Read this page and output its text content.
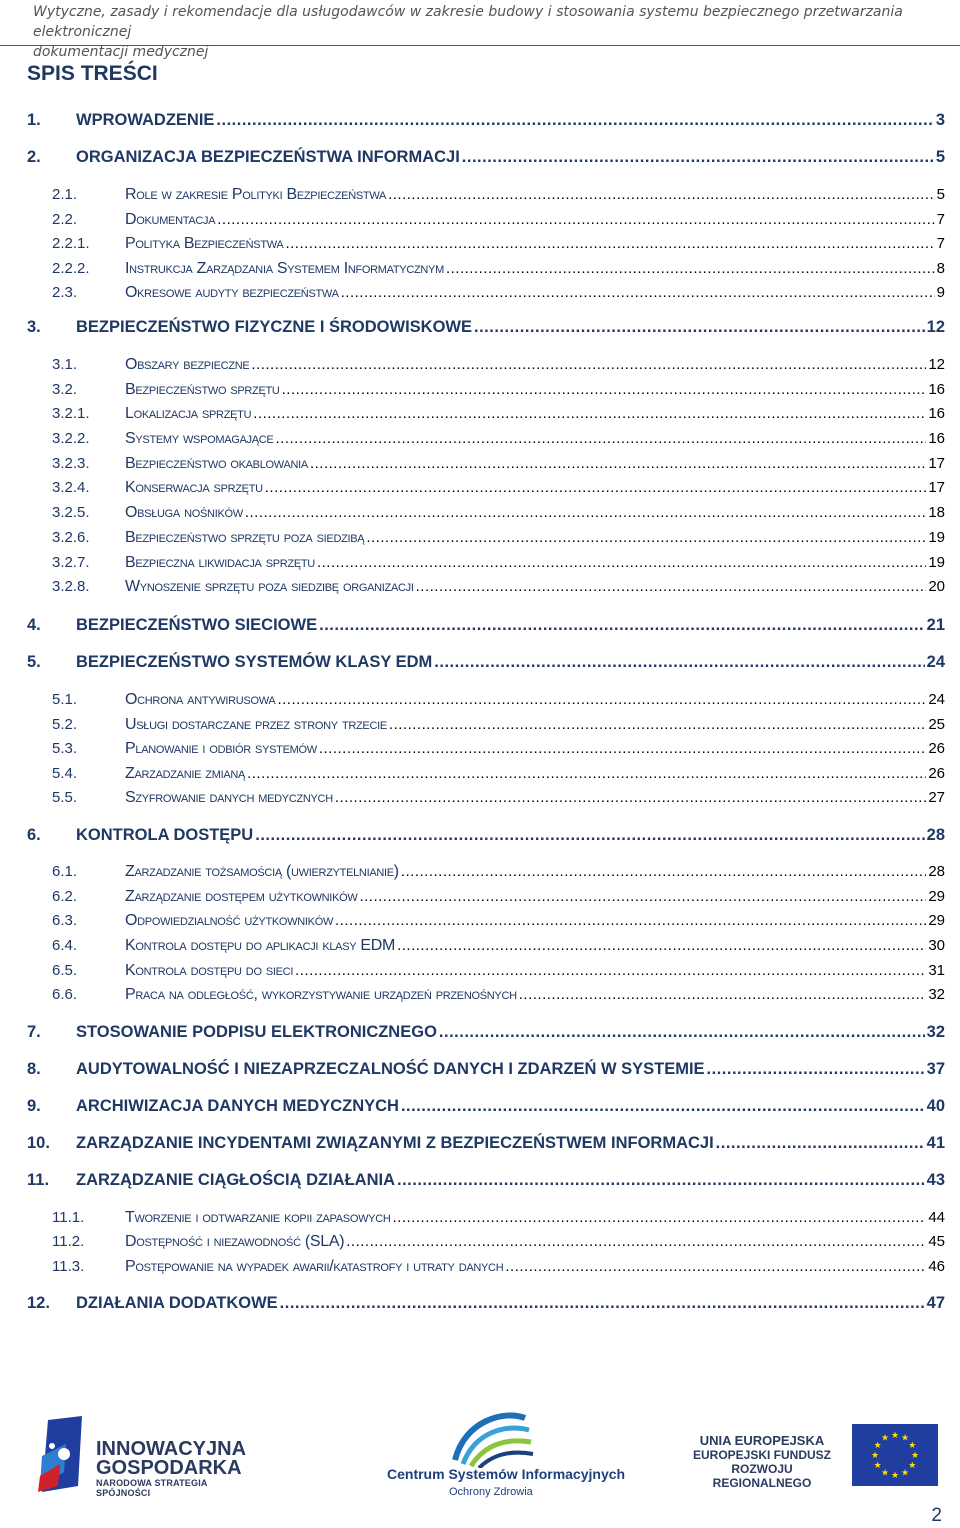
Wytyczne, zasady i rekomendacje dla usługodawców w zakresie budowy i stosowania systemu bezpiecznego przetwarzania elektronicznej
dokumentacji medycznej
SPIS TREŚCI
1.	WPROWADZENIE .....	3
2.	ORGANIZACJA BEZPIECZEŃSTWA INFORMACJI .....	5
2.1.	Role w zakresie Polityki Bezpieczeństwa .....	5
2.2.	Dokumentacja .....	7
2.2.1.	Polityka Bezpieczeństwa .....	7
2.2.2.	Instrukcja Zarządzania Systemem Informatycznym .....	8
2.3.	Okresowe audyty bezpieczeństwa .....	9
3.	BEZPIECZEŃSTWO FIZYCZNE I ŚRODOWISKOWE .....	12
3.1.	Obszary bezpieczne .....	12
3.2.	Bezpieczeństwo sprzętu .....	16
3.2.1.	Lokalizacja sprzętu .....	16
3.2.2.	Systemy wspomagające .....	16
3.2.3.	Bezpieczeństwo okablowania .....	17
3.2.4.	Konserwacja sprzętu .....	17
3.2.5.	Obsługa nośników .....	18
3.2.6.	Bezpieczeństwo sprzętu poza siedzibą .....	19
3.2.7.	Bezpieczna likwidacja sprzętu .....	19
3.2.8.	Wynoszenie sprzętu poza siedzibę organizacji .....	20
4.	BEZPIECZEŃSTWO SIECIOWE .....	21
5.	BEZPIECZEŃSTWO SYSTEMÓW KLASY EDM .....	24
5.1.	Ochrona antywirusowa .....	24
5.2.	Usługi dostarczane przez strony trzecie .....	25
5.3.	Planowanie i odbiór systemów .....	26
5.4.	Zarzadzanie zmianą .....	26
5.5.	Szyfrowanie danych medycznych .....	27
6.	KONTROLA DOSTĘPU .....	28
6.1.	Zarzadzanie tożsamością (uwierzytelnianie) .....	28
6.2.	Zarządzanie dostępem użytkowników .....	29
6.3.	Odpowiedzialność użytkowników .....	29
6.4.	Kontrola dostępu do aplikacji klasy EDM .....	30
6.5.	Kontrola dostępu do sieci .....	31
6.6.	Praca na odległość, wykorzystywanie urządzeń przenośnych .....	32
7.	STOSOWANIE PODPISU ELEKTRONICZNEGO .....	32
8.	AUDYTOWALNOŚĆ I NIEZAPRZECZALNOŚĆ DANYCH I ZDARZEŃ W SYSTEMIE .....	37
9.	ARCHIWIZACJA DANYCH MEDYCZNYCH .....	40
10.	ZARZĄDZANIE INCYDENTAMI ZWIĄZANYMI Z BEZPIECZEŃSTWEM INFORMACJI .....	41
11.	ZARZĄDZANIE CIĄGŁOŚCIĄ DZIAŁANIA .....	43
11.1.	Tworzenie i odtwarzanie kopii zapasowych .....	44
11.2.	Dostępność i niezawodność (SLA) .....	45
11.3.	Postępowanie na wypadek awarii/katastrofy i utraty danych .....	46
12.	DZIAŁANIA DODATKOWE .....	47
INNOWACYJNA
GOSPODARKA
NARODOWA STRATEGIA SPÓJNOŚCI
Centrum Systemów Informacyjnych
Ochrony Zdrowia
UNIA EUROPEJSKA
EUROPEJSKI FUNDUSZ
ROZWOJU REGIONALNEGO
★ ★
★
★
★
★
★
★
★
★
★
★
2
